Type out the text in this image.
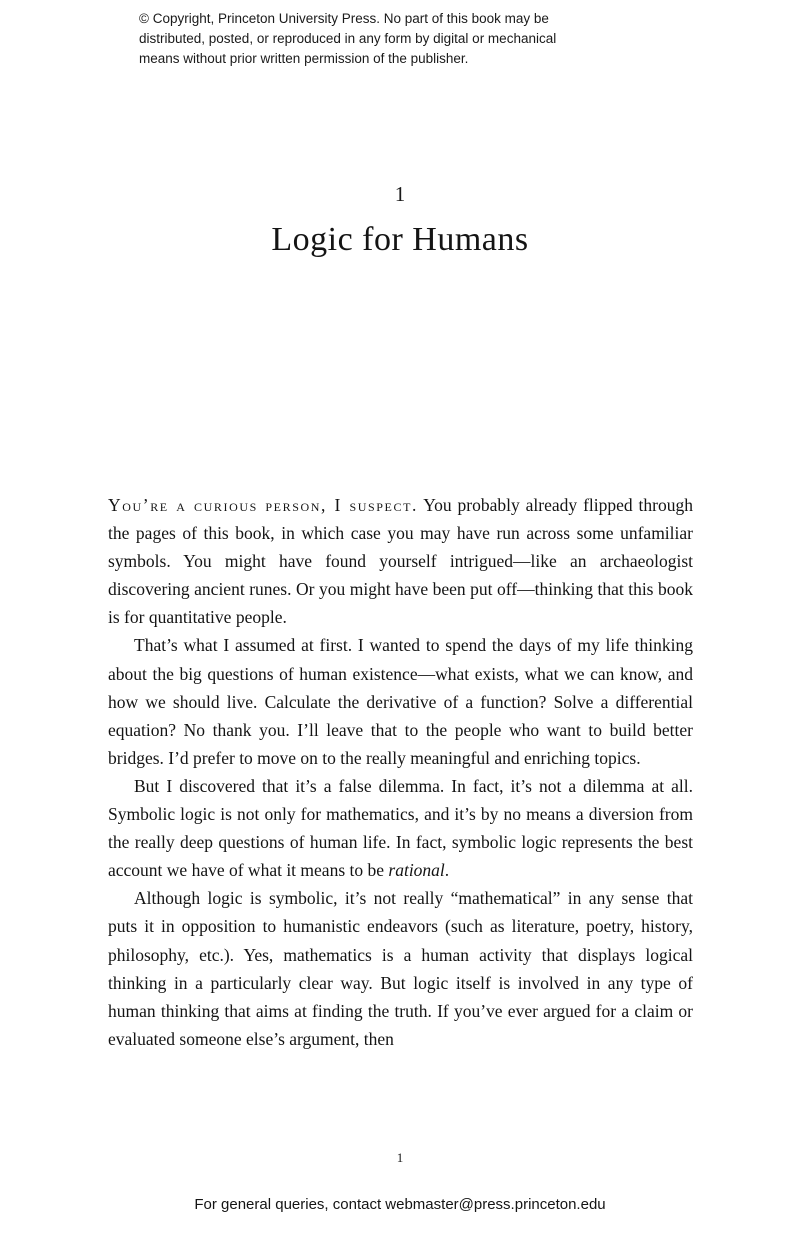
© Copyright, Princeton University Press. No part of this book may be
distributed, posted, or reproduced in any form by digital or mechanical
means without prior written permission of the publisher.
1
Logic for Humans

You’re a curious person, I suspect. You probably already flipped through the pages of this book, in which case you may have run across some unfamiliar symbols. You might have found yourself intrigued—like an archaeologist discovering ancient runes. Or you might have been put off—thinking that this book is for quantitative people.

That’s what I assumed at first. I wanted to spend the days of my life thinking about the big questions of human existence—what exists, what we can know, and how we should live. Calculate the derivative of a function? Solve a differential equation? No thank you. I’ll leave that to the people who want to build better bridges. I’d prefer to move on to the really meaningful and enriching topics.

But I discovered that it’s a false dilemma. In fact, it’s not a dilemma at all. Symbolic logic is not only for mathematics, and it’s by no means a diversion from the really deep questions of human life. In fact, symbolic logic represents the best account we have of what it means to be rational.

Although logic is symbolic, it’s not really “mathematical” in any sense that puts it in opposition to humanistic endeavors (such as literature, poetry, history, philosophy, etc.). Yes, mathematics is a human activity that displays logical thinking in a particularly clear way. But logic itself is involved in any type of human thinking that aims at finding the truth. If you’ve ever argued for a claim or evaluated someone else’s argument, then

1
For general queries, contact webmaster@press.princeton.edu
